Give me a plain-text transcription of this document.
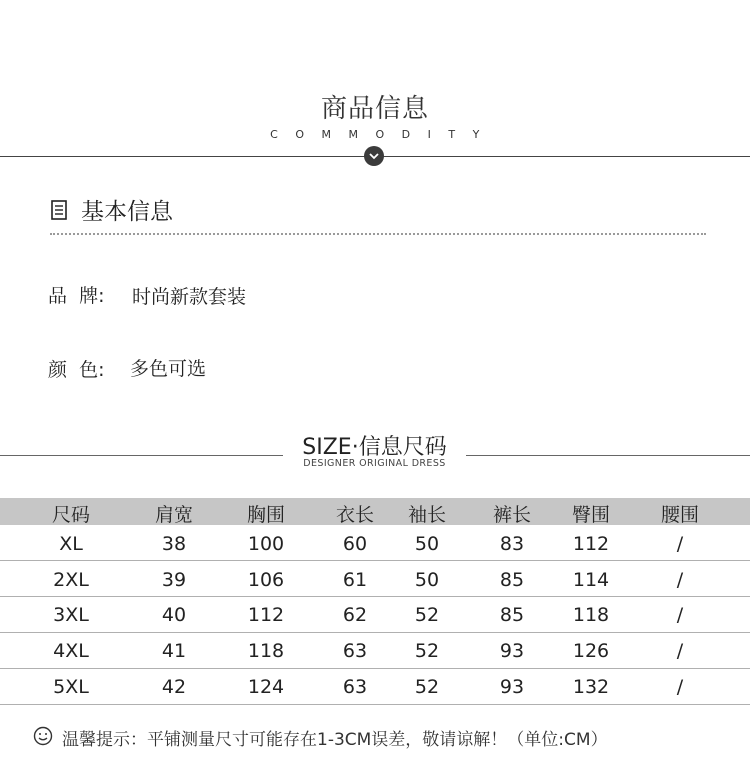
商品信息
COMMODITY
基本信息
品  牌: 时尚新款套装
颜  色: 多色可选
SIZE·信息尺码
DESIGNER ORIGINAL DRESS
尺码	肩宽	胸围	衣长	袖长	裤长	臀围	腰围
XL	38	100	60	50	83	112	/
2XL	39	106	61	50	85	114	/
3XL	40	112	62	52	85	118	/
4XL	41	118	63	52	93	126	/
5XL	42	124	63	52	93	132	/
温馨提示：平铺测量尺寸可能存在1-3CM误差，敬请谅解！（单位:CM）
